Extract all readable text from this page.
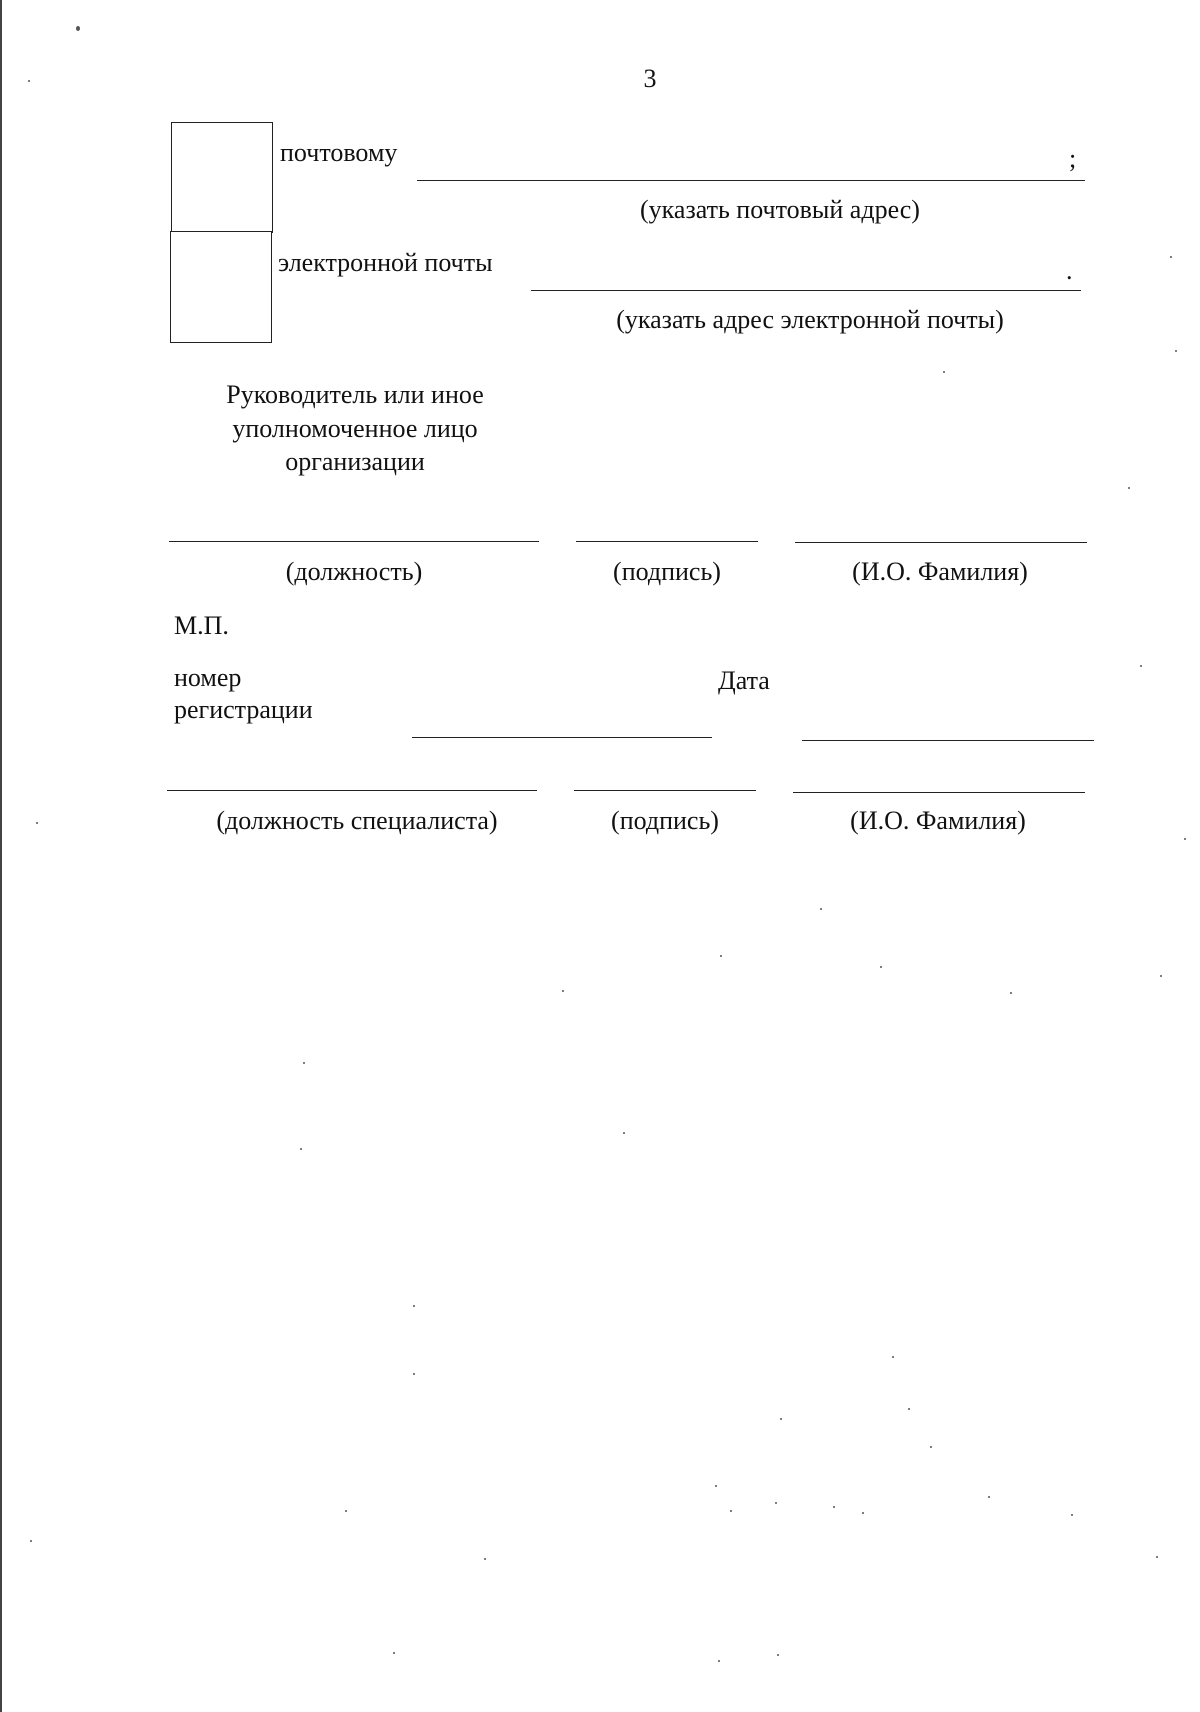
3
почтовому	;
(указать почтовый адрес)
электронной почты	.
(указать адрес электронной почты)
Руководитель или иное
уполномоченное лицо
организации
(должность)	(подпись)	(И.О. Фамилия)
М.П.
номер
регистрации
Дата
(должность специалиста)	(подпись)	(И.О. Фамилия)
